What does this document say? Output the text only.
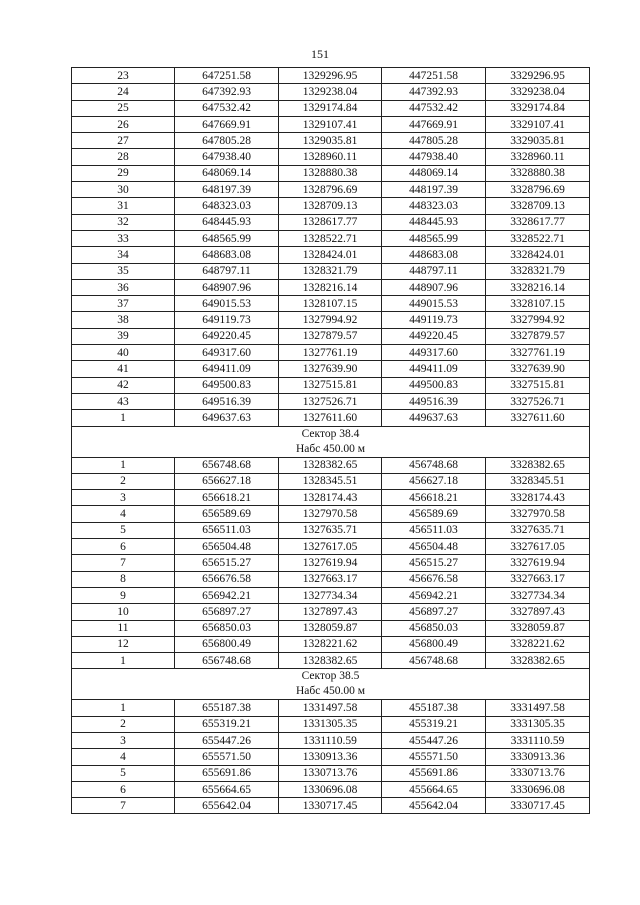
151
23	647251.58	1329296.95	447251.58	3329296.95
24	647392.93	1329238.04	447392.93	3329238.04
25	647532.42	1329174.84	447532.42	3329174.84
26	647669.91	1329107.41	447669.91	3329107.41
27	647805.28	1329035.81	447805.28	3329035.81
28	647938.40	1328960.11	447938.40	3328960.11
29	648069.14	1328880.38	448069.14	3328880.38
30	648197.39	1328796.69	448197.39	3328796.69
31	648323.03	1328709.13	448323.03	3328709.13
32	648445.93	1328617.77	448445.93	3328617.77
33	648565.99	1328522.71	448565.99	3328522.71
34	648683.08	1328424.01	448683.08	3328424.01
35	648797.11	1328321.79	448797.11	3328321.79
36	648907.96	1328216.14	448907.96	3328216.14
37	649015.53	1328107.15	449015.53	3328107.15
38	649119.73	1327994.92	449119.73	3327994.92
39	649220.45	1327879.57	449220.45	3327879.57
40	649317.60	1327761.19	449317.60	3327761.19
41	649411.09	1327639.90	449411.09	3327639.90
42	649500.83	1327515.81	449500.83	3327515.81
43	649516.39	1327526.71	449516.39	3327526.71
1	649637.63	1327611.60	449637.63	3327611.60

Сектор 38.4
Набс 450.00 м				

1	656748.68	1328382.65	456748.68	3328382.65
2	656627.18	1328345.51	456627.18	3328345.51
3	656618.21	1328174.43	456618.21	3328174.43
4	656589.69	1327970.58	456589.69	3327970.58
5	656511.03	1327635.71	456511.03	3327635.71
6	656504.48	1327617.05	456504.48	3327617.05
7	656515.27	1327619.94	456515.27	3327619.94
8	656676.58	1327663.17	456676.58	3327663.17
9	656942.21	1327734.34	456942.21	3327734.34
10	656897.27	1327897.43	456897.27	3327897.43
11	656850.03	1328059.87	456850.03	3328059.87
12	656800.49	1328221.62	456800.49	3328221.62
1	656748.68	1328382.65	456748.68	3328382.65

Сектор 38.5
Набс 450.00 м				

1	655187.38	1331497.58	455187.38	3331497.58
2	655319.21	1331305.35	455319.21	3331305.35
3	655447.26	1331110.59	455447.26	3331110.59
4	655571.50	1330913.36	455571.50	3330913.36
5	655691.86	1330713.76	455691.86	3330713.76
6	655664.65	1330696.08	455664.65	3330696.08
7	655642.04	1330717.45	455642.04	3330717.45
